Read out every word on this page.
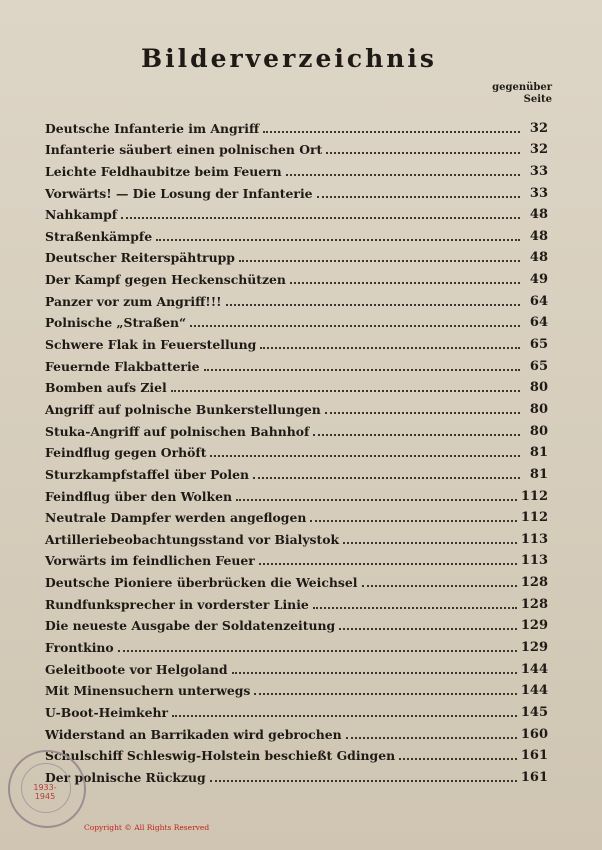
Bilderverzeichnis
gegenüber
Seite
Deutsche Infanterie im Angriff	32
Infanterie säubert einen polnischen Ort	32
Leichte Feldhaubitze beim Feuern	33
Vorwärts! — Die Losung der Infanterie	33
Nahkampf	48
Straßenkämpfe	48
Deutscher Reiterspähtrupp	48
Der Kampf gegen Heckenschützen	49
Panzer vor zum Angriff!!!	64
Polnische „Straßen“	64
Schwere Flak in Feuerstellung	65
Feuernde Flakbatterie	65
Bomben aufs Ziel	80
Angriff auf polnische Bunkerstellungen	80
Stuka-Angriff auf polnischen Bahnhof	80
Feindflug gegen Orhöft	81
Sturzkampfstaffel über Polen	81
Feindflug über den Wolken	112
Neutrale Dampfer werden angeflogen	112
Artilleriebeobachtungsstand vor Bialystok	113
Vorwärts im feindlichen Feuer	113
Deutsche Pioniere überbrücken die Weichsel	128
Rundfunksprecher in vorderster Linie	128
Die neueste Ausgabe der Soldatenzeitung	129
Frontkino	129
Geleitboote vor Helgoland	144
Mit Minensuchern unterwegs	144
U-Boot-Heimkehr	145
Widerstand an Barrikaden wird gebrochen	160
Schulschiff Schleswig-Holstein beschießt Gdingen	161
Der polnische Rückzug	161
1933-1945
Copyright © All Rights Reserved
